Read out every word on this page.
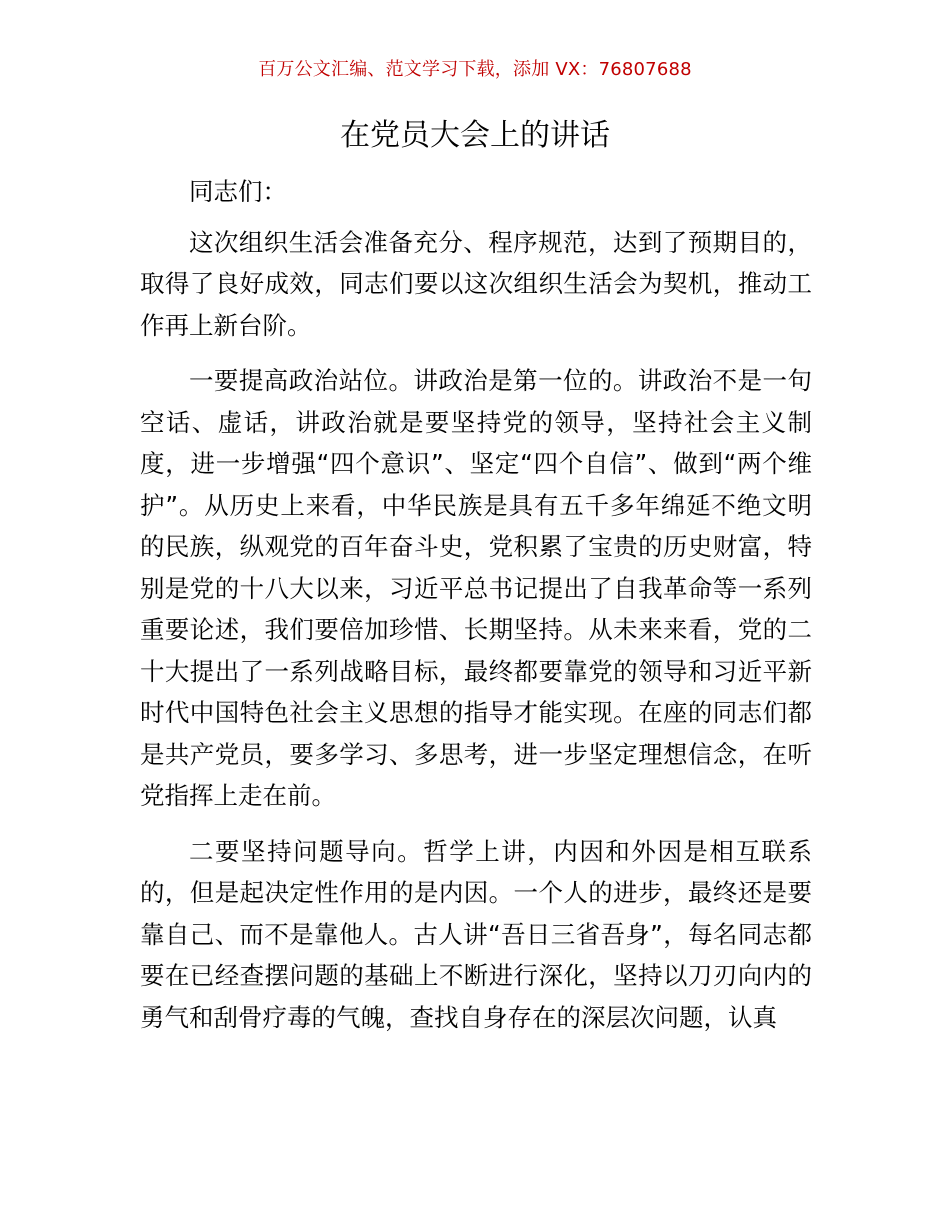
百万公文汇编、范文学习下载，添加 VX：76807688
在党员大会上的讲话

同志们：

这次组织生活会准备充分、程序规范，达到了预期目的，取得了良好成效，同志们要以这次组织生活会为契机，推动工作再上新台阶。

一要提高政治站位。讲政治是第一位的。讲政治不是一句空话、虚话，讲政治就是要坚持党的领导，坚持社会主义制度，进一步增强“四个意识”、坚定“四个自信”、做到“两个维护”。从历史上来看，中华民族是具有五千多年绵延不绝文明的民族，纵观党的百年奋斗史，党积累了宝贵的历史财富，特别是党的十八大以来，习近平总书记提出了自我革命等一系列重要论述，我们要倍加珍惜、长期坚持。从未来来看，党的二十大提出了一系列战略目标，最终都要靠党的领导和习近平新时代中国特色社会主义思想的指导才能实现。在座的同志们都是共产党员，要多学习、多思考，进一步坚定理想信念，在听党指挥上走在前。

二要坚持问题导向。哲学上讲，内因和外因是相互联系的，但是起决定性作用的是内因。一个人的进步，最终还是要靠自己、而不是靠他人。古人讲“吾日三省吾身”，每名同志都要在已经查摆问题的基础上不断进行深化，坚持以刀刃向内的勇气和刮骨疗毒的气魄，查找自身存在的深层次问题，认真
